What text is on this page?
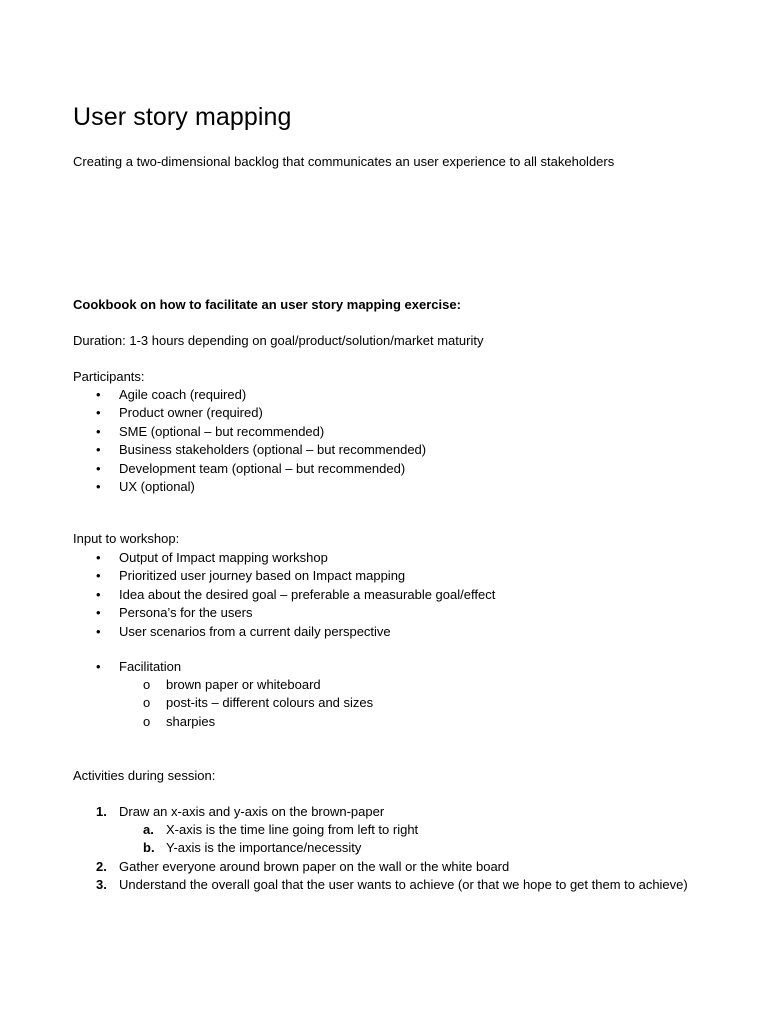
User story mapping

Creating a two-dimensional backlog that communicates an user experience to all stakeholders

Cookbook on how to facilitate an user story mapping exercise:

Duration: 1-3 hours depending on goal/product/solution/market maturity

Participants:

•	Agile coach (required)
•	Product owner (required)
•	SME (optional – but recommended)
•	Business stakeholders (optional – but recommended)
•	Development team (optional – but recommended)
•	UX (optional)

Input to workshop:

•	Output of Impact mapping workshop
•	Prioritized user journey based on Impact mapping
•	Idea about the desired goal – preferable a measurable goal/effect
•	Persona’s for the users
•	User scenarios from a current daily perspective
•	Facilitation
o brown paper or whiteboard
o post-its – different colours and sizes
o sharpies

Activities during session:

1. Draw an x-axis and y-axis on the brown-paper
a. X-axis is the time line going from left to right
b. Y-axis is the importance/necessity
2. Gather everyone around brown paper on the wall or the white board
3. Understand the overall goal that the user wants to achieve (or that we hope to get them to achieve)
